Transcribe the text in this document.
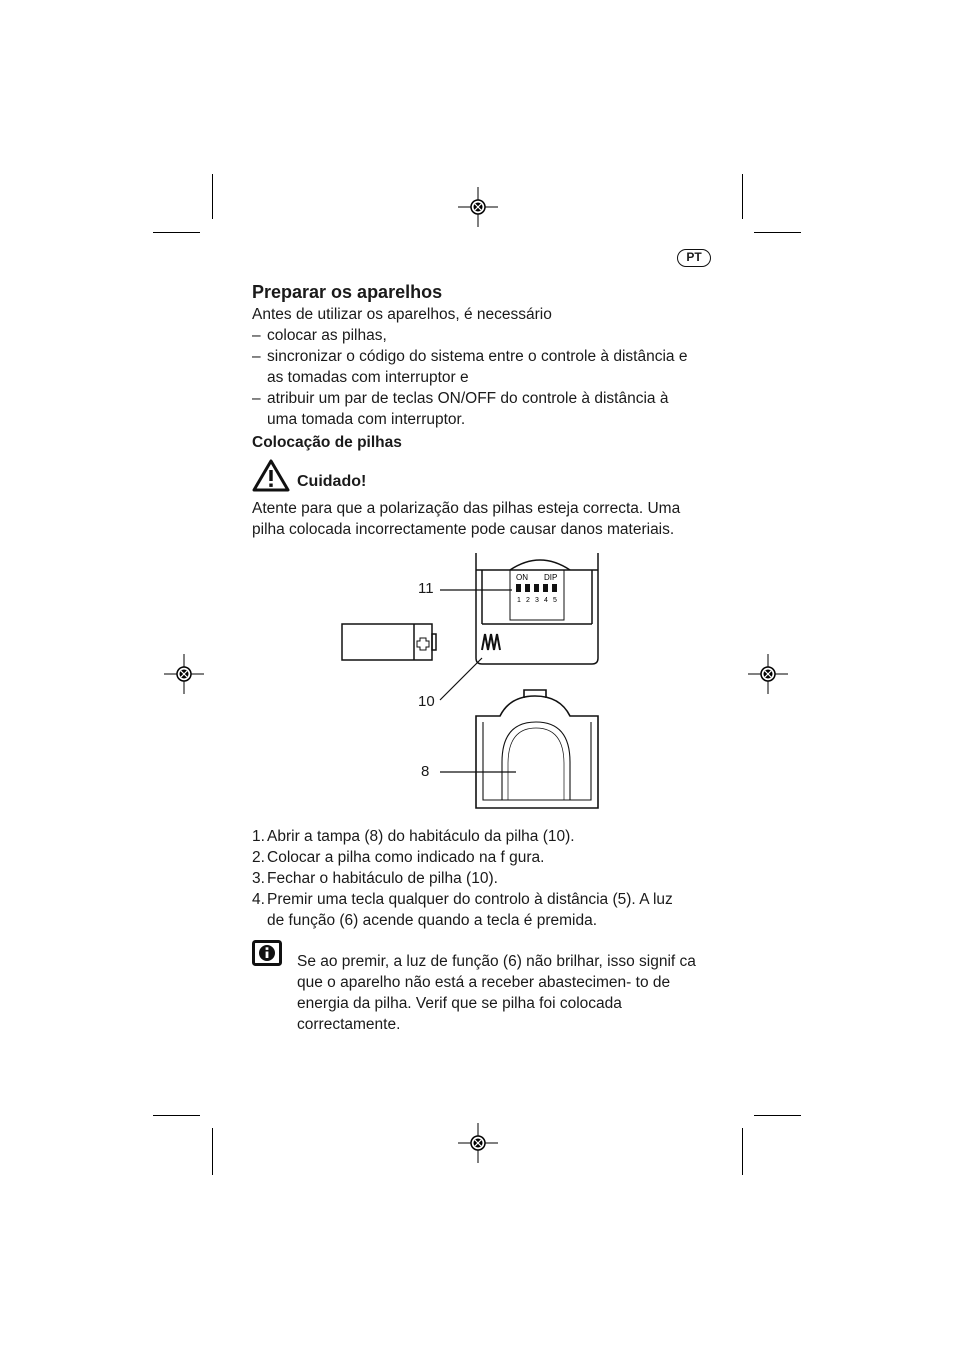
PT
Preparar os aparelhos
Antes de utilizar os aparelhos, é necessário
– colocar as pilhas,
– sincronizar o código do sistema entre o controle à distância e as tomadas com interruptor e
– atribuir um par de teclas ON/OFF do controle à distância à uma tomada com interruptor.
Colocação de pilhas
Cuidado!
Atente para que a polarização das pilhas esteja correcta. Uma pilha colocada incorrectamente pode causar danos materiais.
ON DIP
1 2 3 4 5
11
10
8
1. Abrir a tampa (8) do habitáculo da pilha (10).
2. Colocar a pilha como indicado na f gura.
3. Fechar o habitáculo de pilha (10).
4. Premir uma tecla qualquer do controlo à distância (5). A luz de função (6) acende quando a tecla é premida.
Se ao premir, a luz de função (6) não brilhar, isso signif ca que o aparelho não está a receber abastecimen- to de energia da pilha. Verif que se pilha foi colocada correctamente.
